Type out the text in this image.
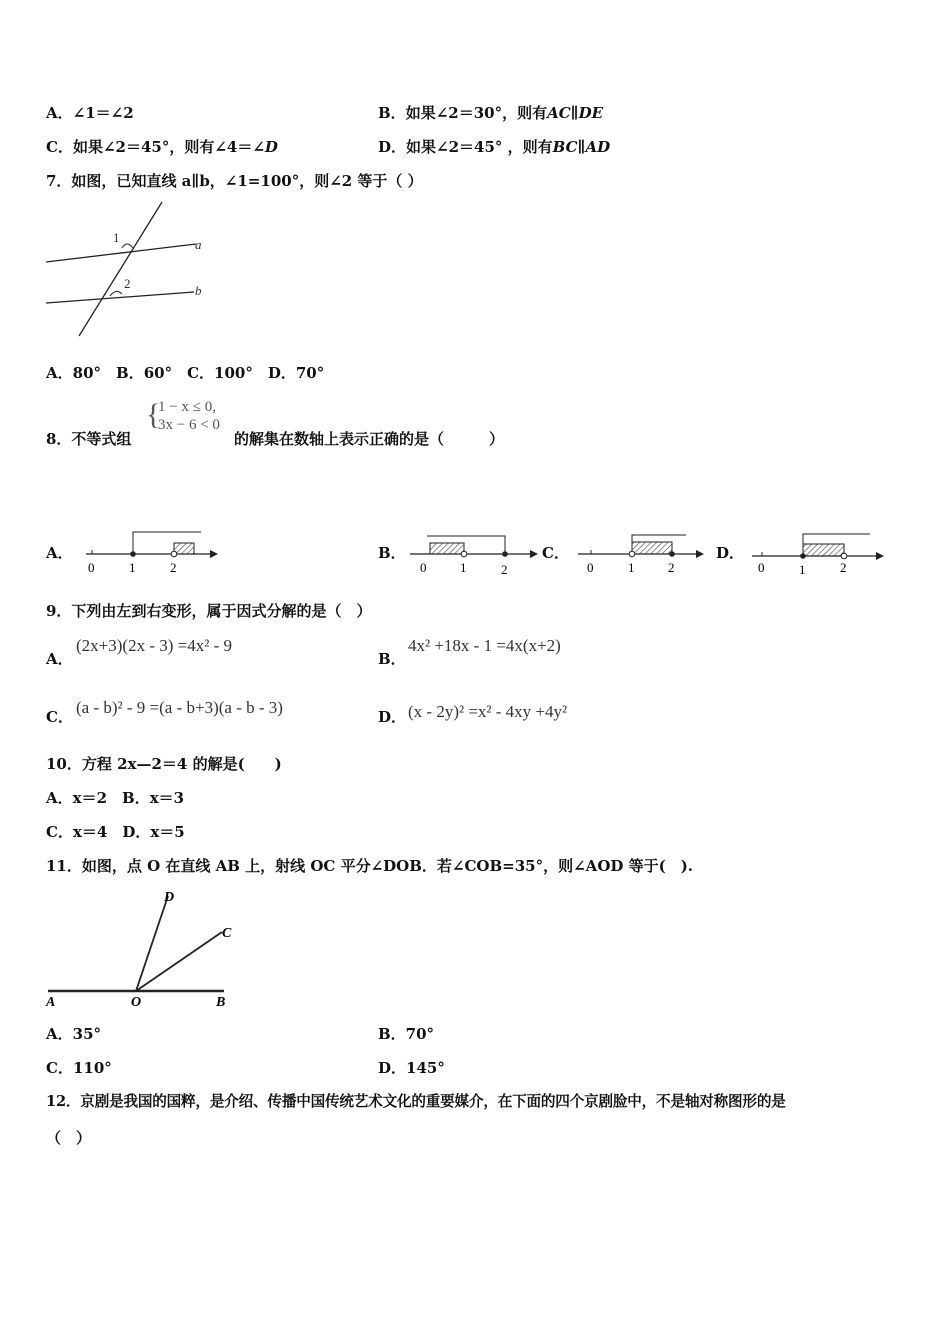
A．∠1＝∠2	B．如果∠2＝30°，则有AC∥DE
C．如果∠2＝45°，则有∠4＝∠D	D．如果∠2＝45° ，则有BC∥AD
7．如图，已知直线 a∥b，∠1=100°，则∠2 等于（ ）
1
2
a
b
A．80°　B．60°　C．100°　D．70°
8．不等式组
{
1 − x ≤ 0,
3x − 6 < 0
的解集在数轴上表示正确的是（　　　）
A．
0	1	2
B．
0	1	2
C．
0	1	2
D．
0	1	2
9．下列由左到右变形，属于因式分解的是（　）
A．
(2x+3)(2x - 3) =4x² - 9
B．
4x² +18x - 1 =4x(x+2)
C． (a - b)² - 9 =(a - b+3)(a - b - 3)	D． (x - 2y)² =x² - 4xy +4y²
10．方程 2x—2＝4 的解是(　　)
A．x＝2　B．x＝3
C．x＝4　D．x＝5
11．如图，点 O 在直线 AB 上，射线 OC 平分∠DOB．若∠COB=35°，则∠AOD 等于(　).
A	O	B
C
D
A．35°	B．70°
C．110°	D．145°
12．京剧是我国的国粹，是介绍、传播中国传统艺术文化的重要媒介，在下面的四个京剧脸中，不是轴对称图形的是
（　）
